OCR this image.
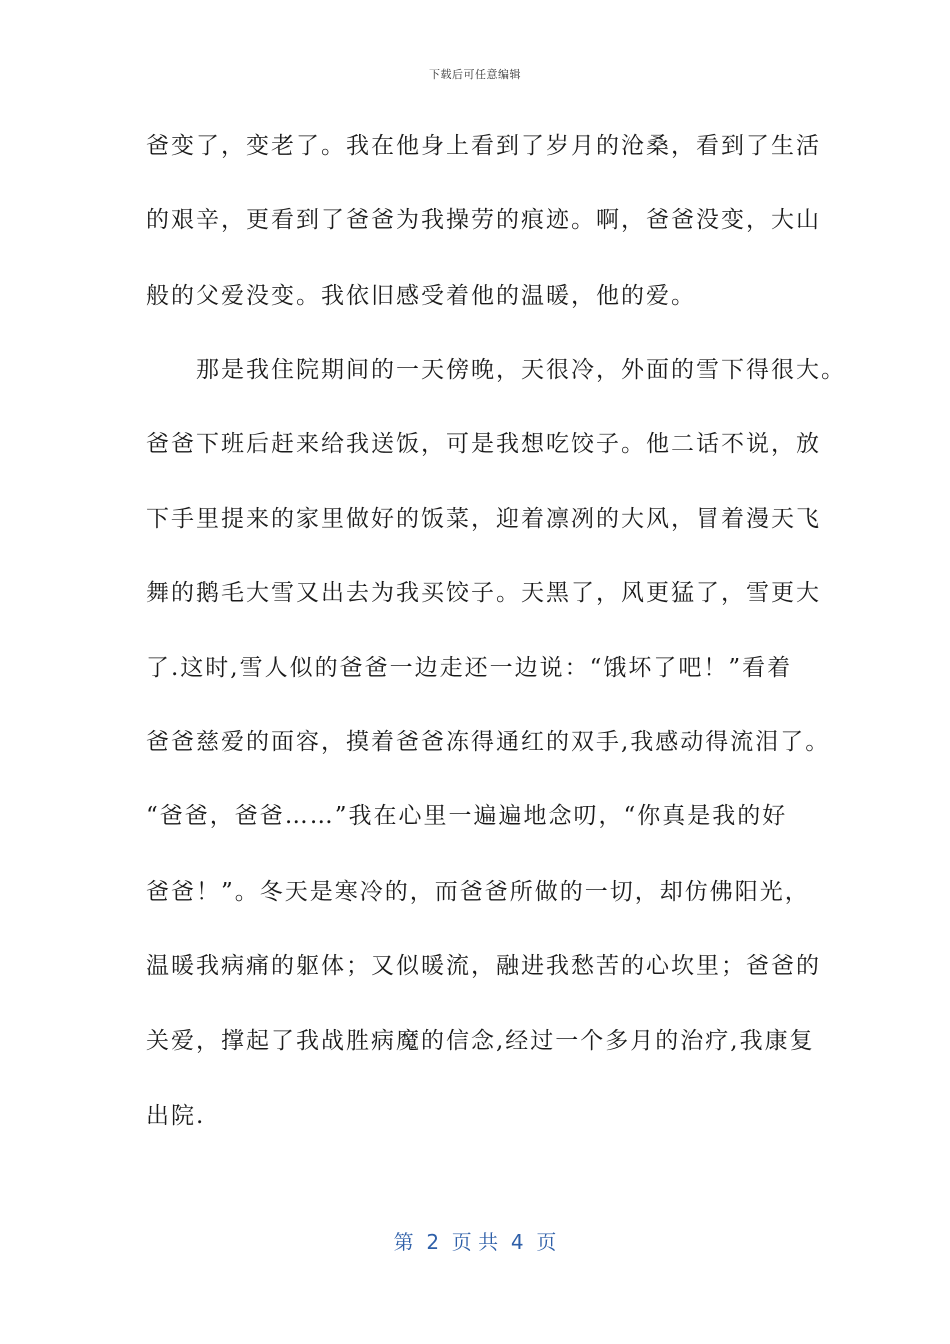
下载后可任意编辑
爸变了，变老了。我在他身上看到了岁月的沧桑，看到了生活
的艰辛，更看到了爸爸为我操劳的痕迹。啊，爸爸没变，大山
般的父爱没变。我依旧感受着他的温暖，他的爱。
　　那是我住院期间的一天傍晚，天很冷，外面的雪下得很大。
爸爸下班后赶来给我送饭，可是我想吃饺子。他二话不说，放
下手里提来的家里做好的饭菜，迎着凛冽的大风，冒着漫天飞
舞的鹅毛大雪又出去为我买饺子。天黑了，风更猛了，雪更大
了.这时,雪人似的爸爸一边走还一边说：“饿坏了吧！”看着
爸爸慈爱的面容，摸着爸爸冻得通红的双手,我感动得流泪了。
“爸爸，爸爸……”我在心里一遍遍地念叨，“你真是我的好
爸爸！”。冬天是寒冷的，而爸爸所做的一切，却仿佛阳光，
温暖我病痛的躯体；又似暖流，融进我愁苦的心坎里；爸爸的
关爱，撑起了我战胜病魔的信念,经过一个多月的治疗,我康复
出院.
第  2  页 共  4  页
